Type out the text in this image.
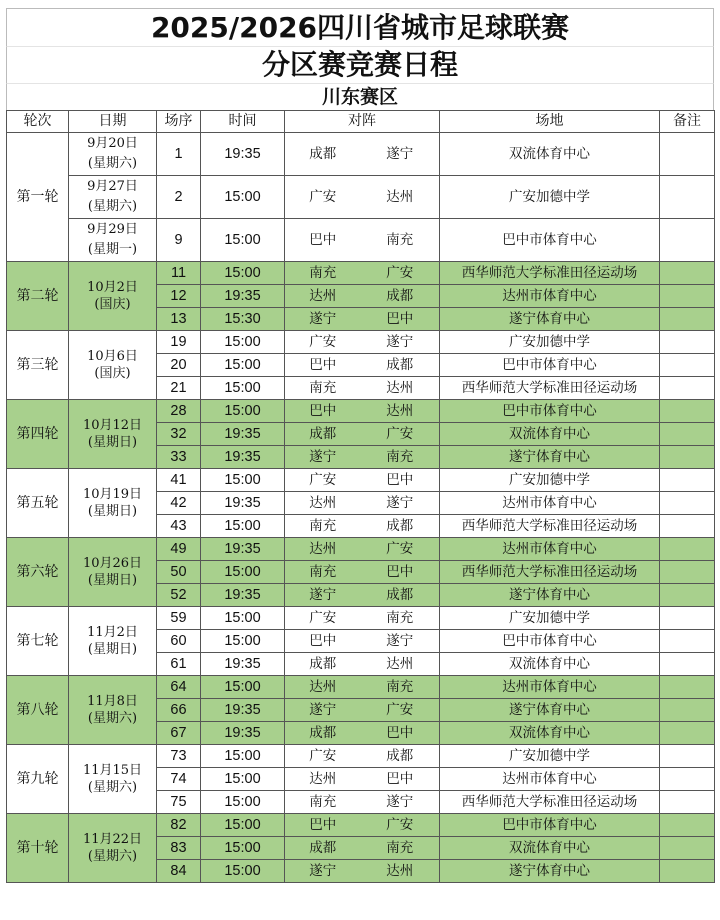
2025/2026四川省城市足球联赛
分区赛竞赛日程
川东赛区
轮次	日期	场序	时间	对阵		场地	备注
第一轮	9月20日
(星期六)	1	19:35	成都	遂宁	双流体育中心	
	9月27日
(星期六)	2	15:00	广安	达州	广安加德中学	
	9月29日
(星期一)	9	15:00	巴中	南充	巴中市体育中心	
第二轮	10月2日
(国庆)	11	15:00	南充	广安	西华师范大学标准田径运动场	
		12	19:35	达州	成都	达州市体育中心	
		13	15:30	遂宁	巴中	遂宁体育中心	
第三轮	10月6日
(国庆)	19	15:00	广安	遂宁	广安加德中学	
		20	15:00	巴中	成都	巴中市体育中心	
		21	15:00	南充	达州	西华师范大学标准田径运动场	
第四轮	10月12日
(星期日)	28	15:00	巴中	达州	巴中市体育中心	
		32	19:35	成都	广安	双流体育中心	
		33	19:35	遂宁	南充	遂宁体育中心	
第五轮	10月19日
(星期日)	41	15:00	广安	巴中	广安加德中学	
		42	19:35	达州	遂宁	达州市体育中心	
		43	15:00	南充	成都	西华师范大学标准田径运动场	
第六轮	10月26日
(星期日)	49	19:35	达州	广安	达州市体育中心	
		50	15:00	南充	巴中	西华师范大学标准田径运动场	
		52	19:35	遂宁	成都	遂宁体育中心	
第七轮	11月2日
(星期日)	59	15:00	广安	南充	广安加德中学	
		60	15:00	巴中	遂宁	巴中市体育中心	
		61	19:35	成都	达州	双流体育中心	
第八轮	11月8日
(星期六)	64	15:00	达州	南充	达州市体育中心	
		66	19:35	遂宁	广安	遂宁体育中心	
		67	19:35	成都	巴中	双流体育中心	
第九轮	11月15日
(星期六)	73	15:00	广安	成都	广安加德中学	
		74	15:00	达州	巴中	达州市体育中心	
		75	15:00	南充	遂宁	西华师范大学标准田径运动场	
第十轮	11月22日
(星期六)	82	15:00	巴中	广安	巴中市体育中心	
		83	15:00	成都	南充	双流体育中心	
		84	15:00	遂宁	达州	遂宁体育中心	
